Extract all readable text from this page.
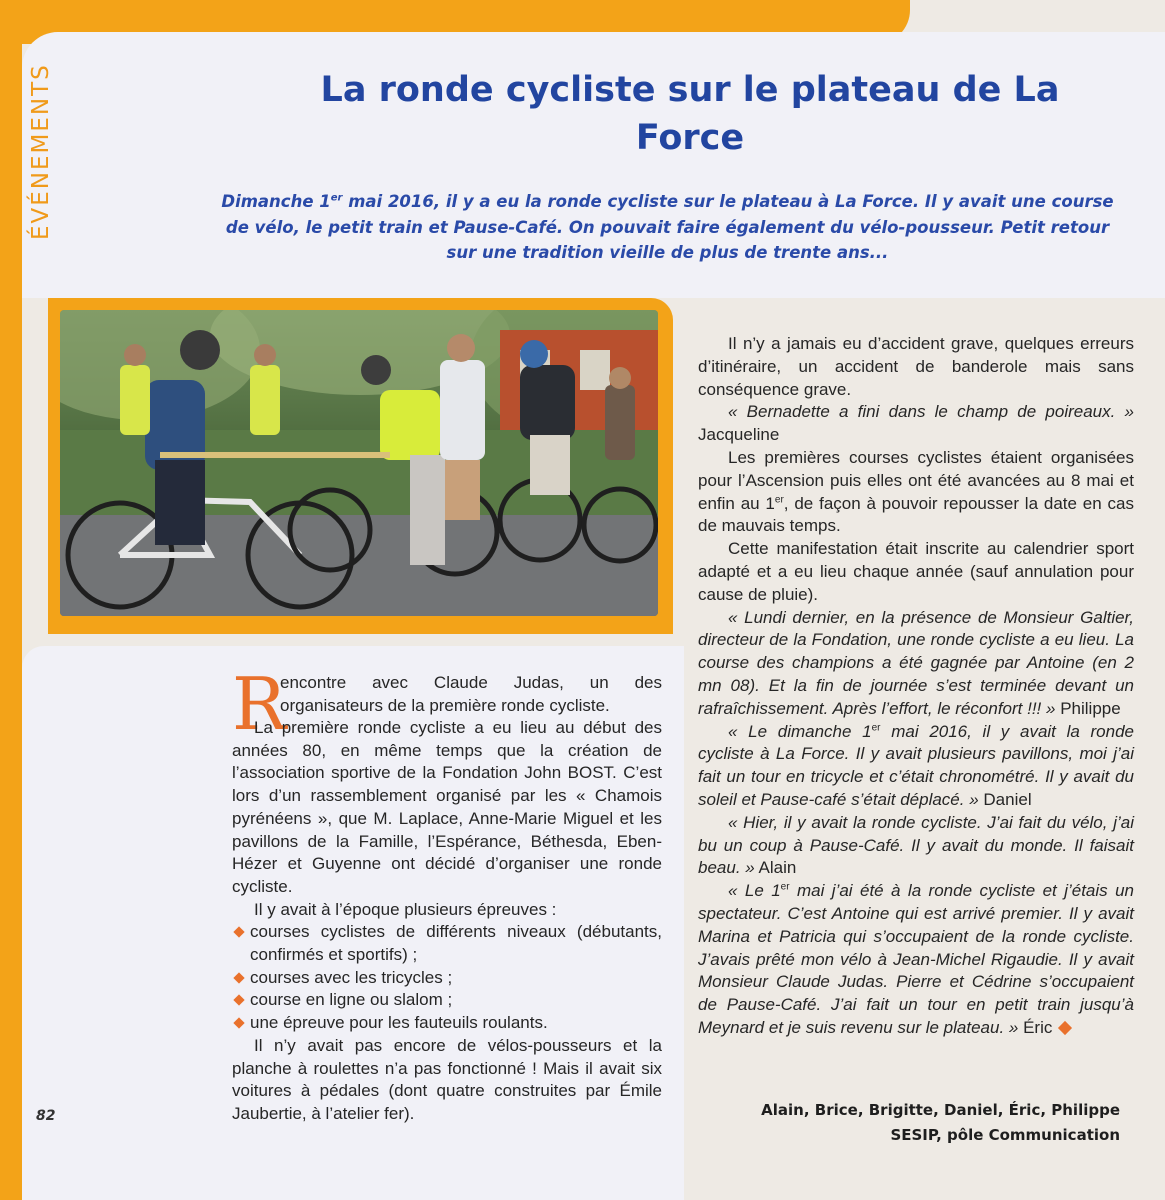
ÉVÉNEMENTS	La ronde cycliste sur le plateau de La Force

Dimanche 1er mai 2016, il y a eu la ronde cycliste sur le plateau à La Force. Il y avait une course de vélo, le petit train et Pause-Café. On pouvait faire également du vélo-pousseur. Petit retour sur une tradition vieille de plus de trente ans...

R

encontre avec Claude Judas, un des organisateurs de la première ronde cycliste.

La première ronde cycliste a eu lieu au début des années 80, en même temps que la création de l’association sportive de la Fondation John BOST. C’est lors d’un rassemblement organisé par les « Chamois pyrénéens », que M. Laplace, Anne-Marie Miguel et les pavillons de la Famille, l’Espérance, Béthesda, Eben-Hézer et Guyenne ont décidé d’organiser une ronde cycliste.

Il y avait à l’époque plusieurs épreuves :

courses cyclistes de différents niveaux (débutants, confirmés et sportifs) ;
courses avec les tricycles ;
course en ligne ou slalom ;
une épreuve pour les fauteuils roulants.

Il n’y avait pas encore de vélos-pousseurs et la planche à roulettes n’a pas fonctionné ! Mais il avait six voitures à pédales (dont quatre construites par Émile Jaubertie, à l’atelier fer).

Il n’y a jamais eu d’accident grave, quelques erreurs d’itinéraire, un accident de banderole mais sans conséquence grave.

« Bernadette a fini dans le champ de poireaux. » Jacqueline

Les premières courses cyclistes étaient organisées pour l’Ascension puis elles ont été avancées au 8 mai et enfin au 1er, de façon à pouvoir repousser la date en cas de mauvais temps.

Cette manifestation était inscrite au calendrier sport adapté et a eu lieu chaque année (sauf annulation pour cause de pluie).

« Lundi dernier, en la présence de Monsieur Galtier, directeur de la Fondation, une ronde cycliste a eu lieu. La course des champions a été gagnée par Antoine (en 2 mn 08). Et la fin de journée s’est terminée devant un rafraîchissement. Après l’effort, le réconfort !!! » Philippe

« Le dimanche 1er mai 2016, il y avait la ronde cycliste à La Force. Il y avait plusieurs pavillons, moi j’ai fait un tour en tricycle et c’était chronométré. Il y avait du soleil et Pause-café s’était déplacé. » Daniel

« Hier, il y avait la ronde cycliste. J’ai fait du vélo, j’ai bu un coup à Pause-Café. Il y avait du monde. Il faisait beau. » Alain

« Le 1er mai j’ai été à la ronde cycliste et j’étais un spectateur. C’est Antoine qui est arrivé premier. Il y avait Marina et Patricia qui s’occupaient de la ronde cycliste. J’avais prêté mon vélo à Jean-Michel Rigaudie. Il y avait Monsieur Claude Judas. Pierre et Cédrine s’occupaient de Pause-Café. J’ai fait un tour en petit train jusqu’à Meynard et je suis revenu sur le plateau. » Éric

Alain, Brice, Brigitte, Daniel, Éric, Philippe
SESIP, pôle Communication
82
